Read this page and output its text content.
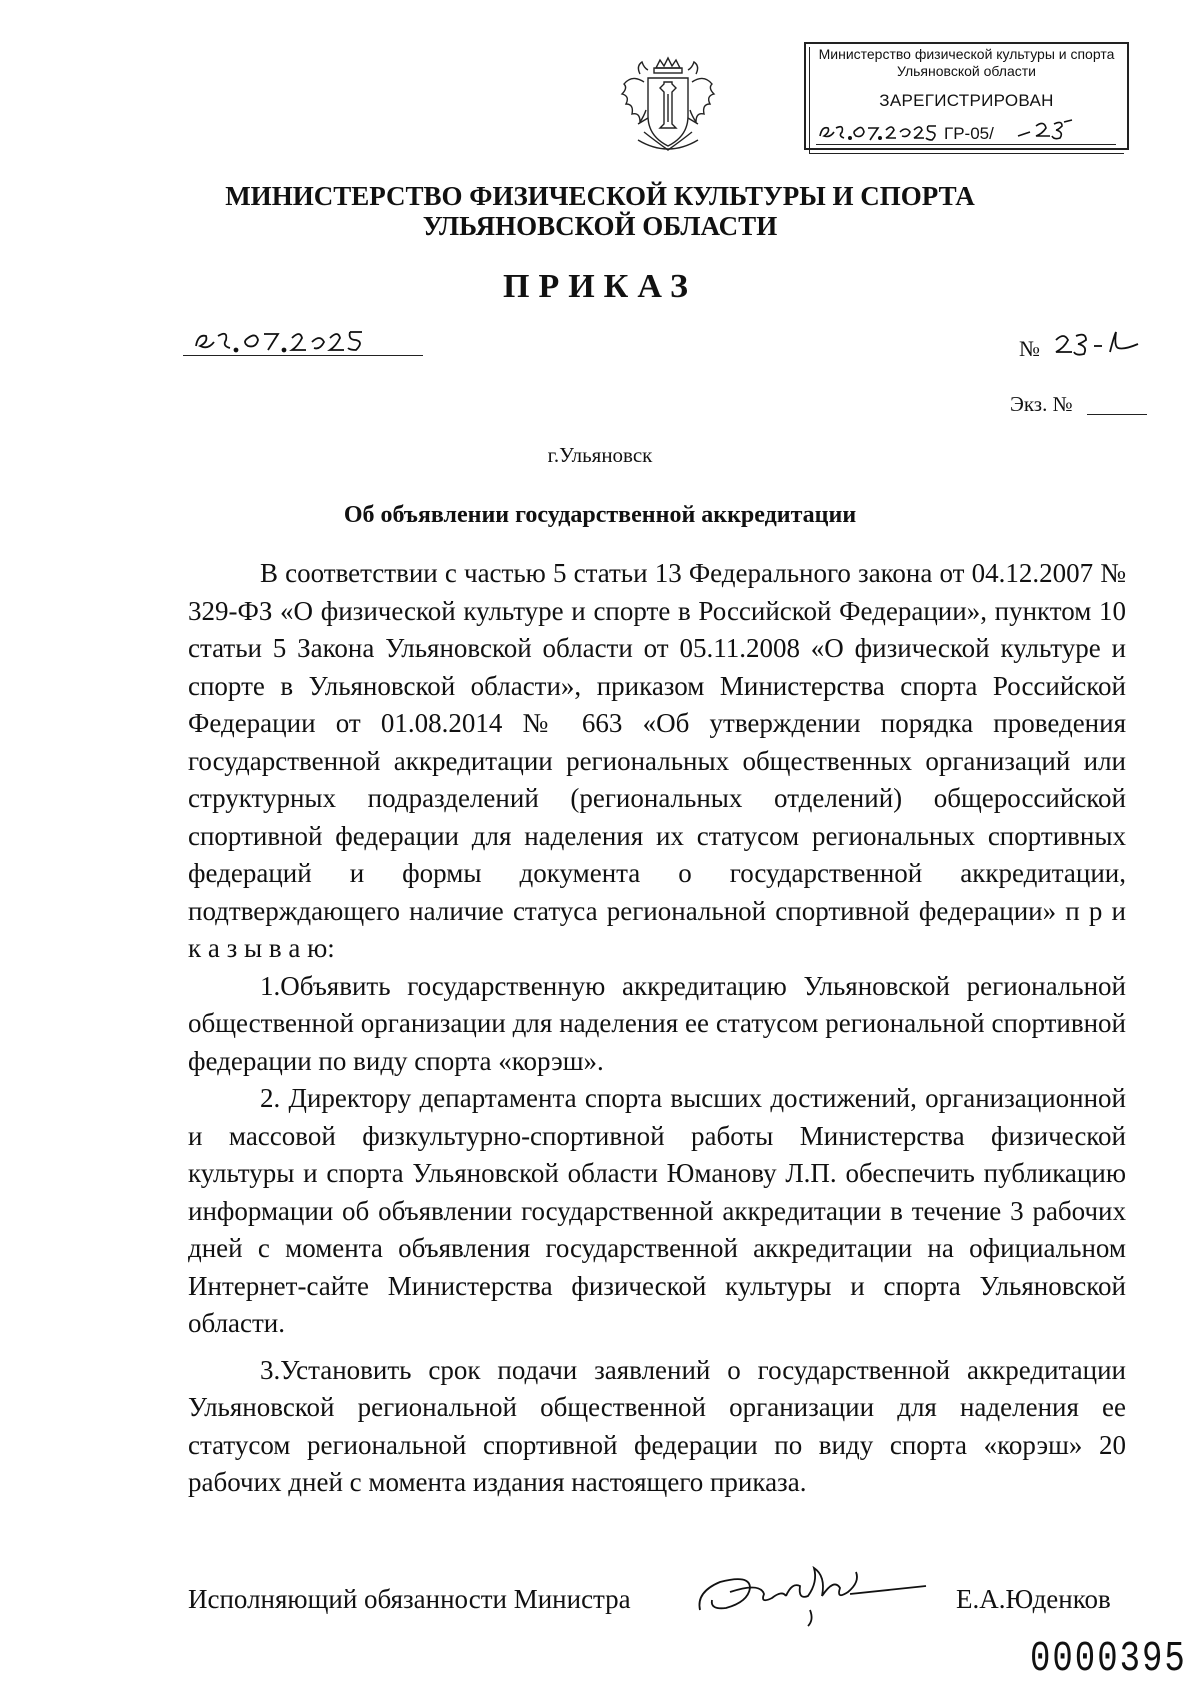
Министерство физической культуры и спорта
Ульяновской области
ЗАРЕГИСТРИРОВАН
ГР-05/
МИНИСТЕРСТВО ФИЗИЧЕСКОЙ КУЛЬТУРЫ И СПОРТА
УЛЬЯНОВСКОЙ ОБЛАСТИ
ПРИКАЗ
№
Экз. №
г.Ульяновск
Об объявлении государственной аккредитации

В соответствии с частью 5 статьи 13 Федерального закона от 04.12.2007 № 329-ФЗ «О физической культуре и спорте в Российской Федерации», пунктом 10 статьи 5 Закона Ульяновской области от 05.11.2008 «О физической культуре и спорте в Ульяновской области», приказом Министерства спорта Российской Федерации от 01.08.2014 № 663 «Об утверждении порядка проведения государственной аккредитации региональных общественных организаций или структурных подразделений (региональных отделений) общероссийской спортивной федерации для наделения их статусом региональных спортивных федераций и формы документа о государственной аккредитации, подтверждающего наличие статуса региональной спортивной федерации» п р и к а з ы в а ю:

1.Объявить государственную аккредитацию Ульяновской региональной общественной организации для наделения ее статусом региональной спортивной федерации по виду спорта «корэш».

2. Директору департамента спорта высших достижений, организационной и массовой физкультурно-спортивной работы Министерства физической культуры и спорта Ульяновской области Юманову Л.П. обеспечить публикацию информации об объявлении государственной аккредитации в течение 3 рабочих дней с момента объявления государственной аккредитации на официальном Интернет-сайте Министерства физической культуры и спорта Ульяновской области.

3.Установить срок подачи заявлений о государственной аккредитации Ульяновской региональной общественной организации для наделения ее статусом региональной спортивной федерации по виду спорта «корэш» 20 рабочих дней с момента издания настоящего приказа.

Исполняющий обязанности Министра	Е.А.Юденков
0000395
